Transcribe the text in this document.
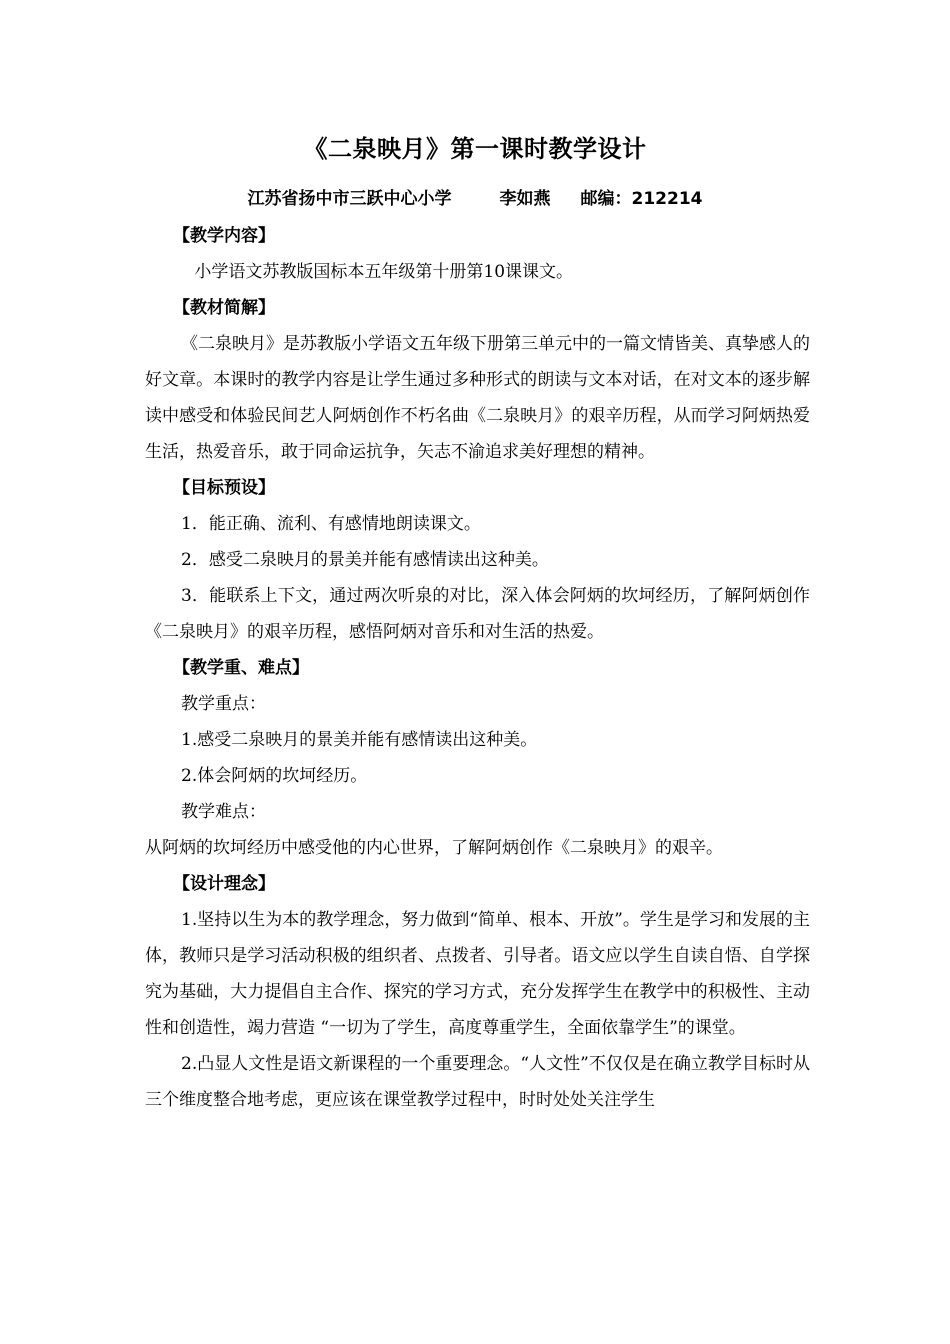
《二泉映月》第一课时教学设计
江苏省扬中市三跃中心小学	李如燕 邮编：212214
【教学内容】
小学语文苏教版国标本五年级第十册第10课课文。
【教材简解】
《二泉映月》是苏教版小学语文五年级下册第三单元中的一篇文情皆美、真挚感人的好文章。本课时的教学内容是让学生通过多种形式的朗读与文本对话，在对文本的逐步解读中感受和体验民间艺人阿炳创作不朽名曲《二泉映月》的艰辛历程，从而学习阿炳热爱生活，热爱音乐，敢于同命运抗争，矢志不渝追求美好理想的精神。
【目标预设】
1．能正确、流利、有感情地朗读课文。
2．感受二泉映月的景美并能有感情读出这种美。
3．能联系上下文，通过两次听泉的对比，深入体会阿炳的坎坷经历，了解阿炳创作《二泉映月》的艰辛历程，感悟阿炳对音乐和对生活的热爱。
【教学重、难点】
教学重点：
1.感受二泉映月的景美并能有感情读出这种美。
2.体会阿炳的坎坷经历。
教学难点：
从阿炳的坎坷经历中感受他的内心世界，了解阿炳创作《二泉映月》的艰辛。
【设计理念】
1.坚持以生为本的教学理念，努力做到“简单、根本、开放”。学生是学习和发展的主体，教师只是学习活动积极的组织者、点拨者、引导者。语文应以学生自读自悟、自学探究为基础，大力提倡自主合作、探究的学习方式，充分发挥学生在教学中的积极性、主动性和创造性，竭力营造 “一切为了学生，高度尊重学生，全面依靠学生”的课堂。
2.凸显人文性是语文新课程的一个重要理念。“人文性”不仅仅是在确立教学目标时从三个维度整合地考虑，更应该在课堂教学过程中，时时处处关注学生
